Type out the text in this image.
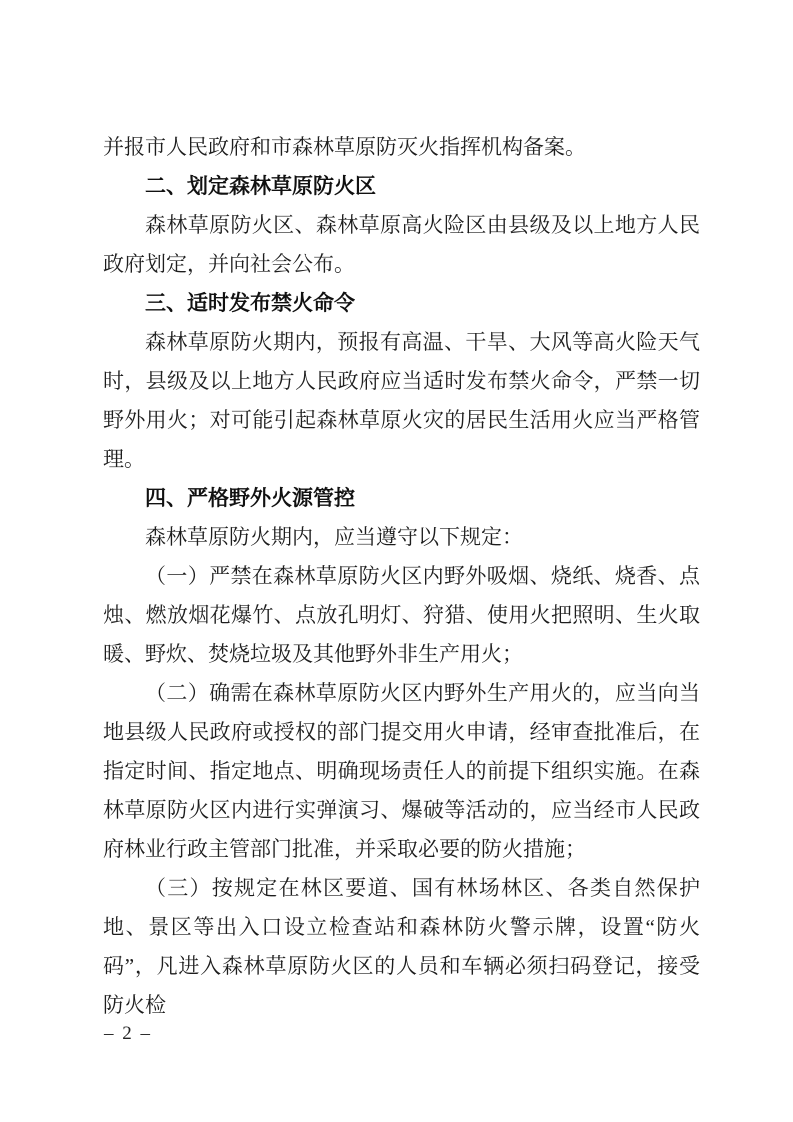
并报市人民政府和市森林草原防灭火指挥机构备案。

二、划定森林草原防火区

森林草原防火区、森林草原高火险区由县级及以上地方人民政府划定，并向社会公布。

三、适时发布禁火命令

森林草原防火期内，预报有高温、干旱、大风等高火险天气时，县级及以上地方人民政府应当适时发布禁火命令，严禁一切野外用火；对可能引起森林草原火灾的居民生活用火应当严格管理。

四、严格野外火源管控

森林草原防火期内，应当遵守以下规定：

（一）严禁在森林草原防火区内野外吸烟、烧纸、烧香、点烛、燃放烟花爆竹、点放孔明灯、狩猎、使用火把照明、生火取暖、野炊、焚烧垃圾及其他野外非生产用火；

（二）确需在森林草原防火区内野外生产用火的，应当向当地县级人民政府或授权的部门提交用火申请，经审查批准后，在指定时间、指定地点、明确现场责任人的前提下组织实施。在森林草原防火区内进行实弹演习、爆破等活动的，应当经市人民政府林业行政主管部门批准，并采取必要的防火措施；

（三）按规定在林区要道、国有林场林区、各类自然保护地、景区等出入口设立检查站和森林防火警示牌，设置“防火码”，凡进入森林草原防火区的人员和车辆必须扫码登记，接受防火检

– 2 –
